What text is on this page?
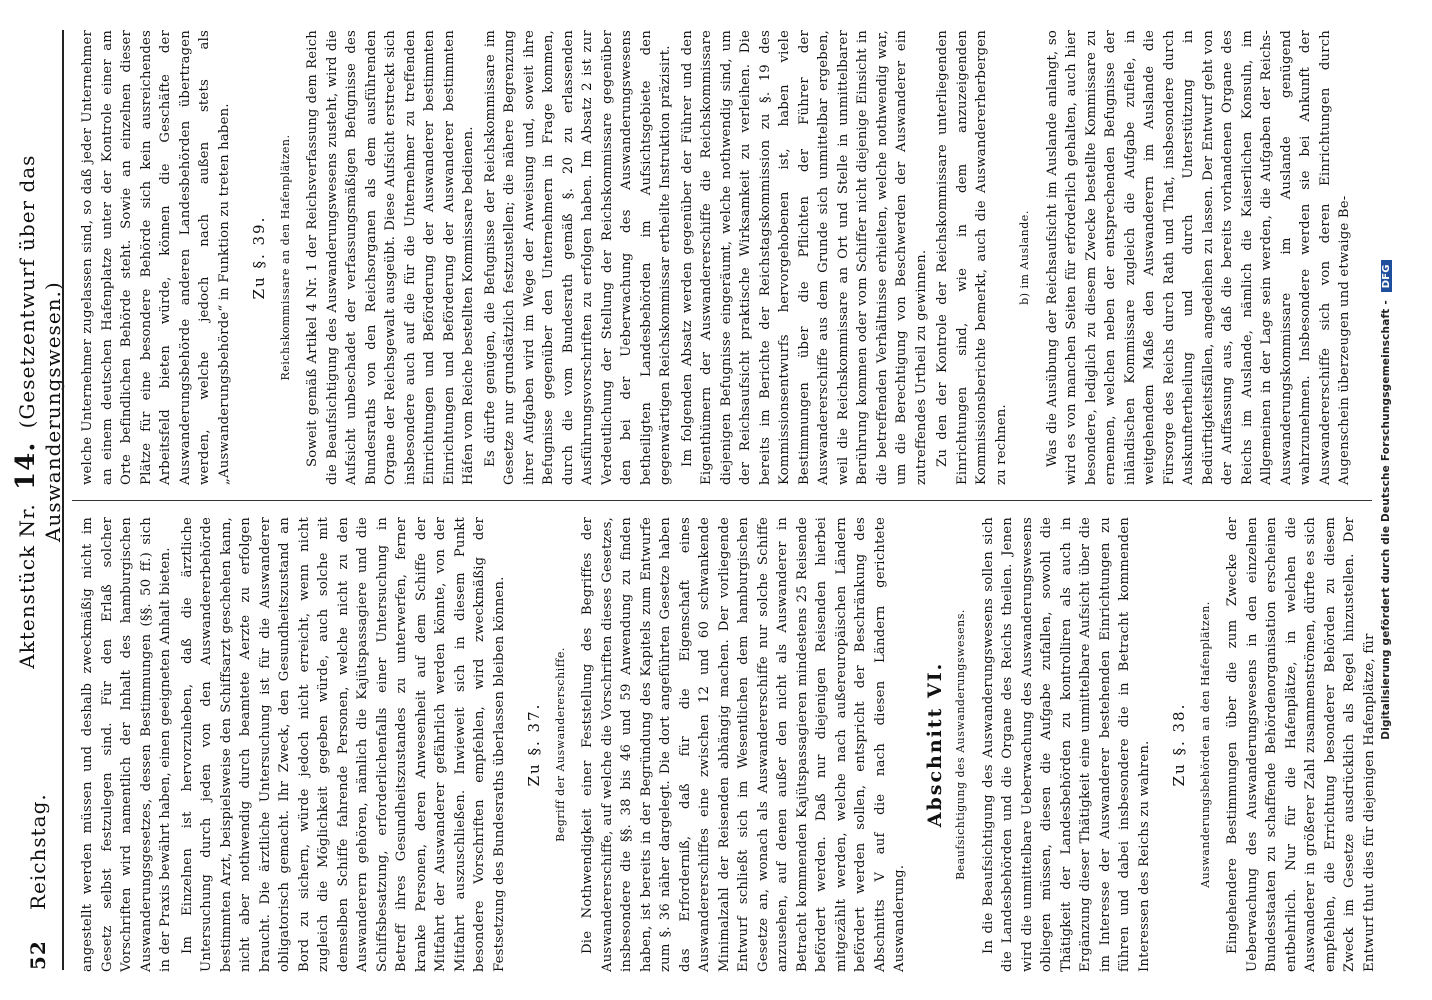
52
Reichstag.
Aktenstück Nr. 14. (Gesetzentwurf über das Auswanderungswesen.)

angestellt werden müssen und deshalb zweckmäßig nicht im Gesetz selbst festzulegen sind. Für den Erlaß solcher Vorschriften wird namentlich der Inhalt des hamburgischen Auswanderungsgesetzes, dessen Bestimmungen (§§. 50 ff.) sich in der Praxis bewährt haben, einen geeigneten Anhalt bieten. Im Einzelnen ist hervorzuheben, daß die ärztliche Untersuchung durch jeden von den Auswandererbehörde bestimmten Arzt, beispielsweise den Schiffsarzt geschehen kann, nicht aber nothwendig durch beamtete Aerzte zu erfolgen braucht. Die ärztliche Untersuchung ist für die Auswanderer obligatorisch gemacht. Ihr Zweck, den Gesundheitszustand an Bord zu sichern, würde jedoch nicht erreicht, wenn nicht zugleich die Möglichkeit gegeben würde, auch solche mit demselben Schiffe fahrende Personen, welche nicht zu den Auswanderern gehören, nämlich die Kajütspassagiere und die Schiffsbesatzung, erforderlichenfalls einer Untersuchung in Betreff ihres Gesundheitszustandes zu unterwerfen, ferner kranke Personen, deren Anwesenheit auf dem Schiffe der Mitfahrt der Auswanderer gefährlich werden könnte, von der Mitfahrt auszuschließen. Inwieweit sich in diesem Punkt besondere Vorschriften empfehlen, wird zweckmäßig der Festsetzung des Bundesraths überlassen bleiben können. Zu §. 37. Begriff der Auswandererschiffe. Die Nothwendigkeit einer Feststellung des Begriffes der Auswandererschiffe, auf welche die Vorschriften dieses Gesetzes, insbesondere die §§. 38 bis 46 und 59 Anwendung zu finden haben, ist bereits in der Begründung des Kapitels zum Entwurfe zum §. 36 näher dargelegt. Die dort angeführten Gesetze haben das Erforderniß, daß für die Eigenschaft eines Auswandererschiffes eine zwischen 12 und 60 schwankende Minimalzahl der Reisenden abhängig machen. Der vorliegende Entwurf schließt sich im Wesentlichen dem hamburgischen Gesetze an, wonach als Auswandererschiffe nur solche Schiffe anzusehen, auf denen außer den nicht als Auswanderer in Betracht kommenden Kajütspassagieren mindestens 25 Reisende befördert werden. Daß nur diejenigen Reisenden hierbei mitgezählt werden, welche nach außereuropäischen Ländern befördert werden sollen, entspricht der Beschränkung des Abschnitts V auf die nach diesen Ländern gerichtete Auswanderung.

Abschnitt VI. Beaufsichtigung des Auswanderungswesens. In die Beaufsichtigung des Auswanderungswesens sollen sich die Landesbehörden und die Organe des Reichs theilen. Jenen wird die unmittelbare Ueberwachung des Auswanderungswesens obliegen müssen, diesen die Aufgabe zufallen, sowohl die Thätigkeit der Landesbehörden zu kontrolliren als auch in Ergänzung dieser Thätigkeit eine unmittelbare Aufsicht über die im Interesse der Auswanderer bestehenden Einrichtungen zu führen und dabei insbesondere die in Betracht kommenden Interessen des Reichs zu wahren. Zu §. 38. Auswanderungsbehörden an den Hafenplätzen. Eingehendere Bestimmungen über die zum Zwecke der Ueberwachung des Auswanderungswesens in den einzelnen Bundesstaaten zu schaffende Behördenorganisation erscheinen entbehrlich. Nur für die Hafenplätze, in welchen die Auswanderer in größerer Zahl zusammenströmen, dürfte es sich empfehlen, die Errichtung besonderer Behörden zu diesem Zweck im Gesetze ausdrücklich als Regel hinzustellen. Der Entwurf thut dies für diejenigen Hafenplätze, für

welche Unternehmer zugelassen sind, so daß jeder Unternehmer an einem deutschen Hafenplatze unter der Kontrole einer am Orte befindlichen Behörde steht. Sowie an einzelnen dieser Plätze für eine besondere Behörde sich kein ausreichendes Arbeitsfeld bieten würde, können die Geschäfte der Auswanderungsbehörde anderen Landesbehörden übertragen werden, welche jedoch nach außen stets als „Auswanderungsbehörde“ in Funktion zu treten haben. Zu §. 39. Reichskommissare an den Hafenplätzen. Soweit gemäß Artikel 4 Nr. 1 der Reichsverfassung dem Reich die Beaufsichtigung des Auswanderungswesens zusteht, wird die Aufsicht unbeschadet der verfassungsmäßigen Befugnisse des Bundesraths von den Reichsorganen als dem ausführenden Organe der Reichsgewalt ausgeübt. Diese Aufsicht erstreckt sich insbesondere auch auf die für die Unternehmer zu treffenden Einrichtungen und Beförderung der Auswanderer bestimmten Einrichtungen und Beförderung der Auswanderer bestimmten Häfen vom Reiche bestellten Kommissare bedienen. Es dürfte genügen, die Befugnisse der Reichskommissare im Gesetze nur grundsätzlich festzustellen; die nähere Begrenzung ihrer Aufgaben wird im Wege der Anweisung und, soweit ihre Befugnisse gegenüber den Unternehmern in Frage kommen, durch die vom Bundesrath gemäß §. 20 zu erlassenden Ausführungsvorschriften zu erfolgen haben. Im Absatz 2 ist zur Verdeutlichung der Stellung der Reichskommissare gegenüber den bei der Ueberwachung des Auswanderungswesens betheiligten Landesbehörden im Aufsichtsgebiete den gegenwärtigen Reichskommissar ertheilte Instruktion präzisirt. Im folgenden Absatz werden gegenüber der Führer und den Eigenthümern der Auswandererschiffe die Reichskommissare diejenigen Befugnisse eingeräumt, welche nothwendig sind, um der Reichsaufsicht praktische Wirksamkeit zu verleihen. Die bereits im Berichte der Reichstagskommission zu §. 19 des Kommissionsentwurfs hervorgehobenen ist, haben viele Bestimmungen über die Pflichten der Führer der Auswandererschiffe aus dem Grunde sich unmittelbar ergeben, weil die Reichskommissare an Ort und Stelle in unmittelbarer Berührung kommen oder vom Schiffer nicht diejenige Einsicht in die betreffenden Verhältnisse erhielten, welche nothwendig war, um die Berechtigung von Beschwerden der Auswanderer ein zutreffendes Urtheil zu gewinnen. Zu den der Kontrole der Reichskommissare unterliegenden Einrichtungen sind, wie in dem anzuzeigenden Kommissionsberichte bemerkt, auch die Auswandererherbergen zu rechnen.

b) im Auslande. Was die Ausübung der Reichsaufsicht im Auslande anlangt, so wird es von manchen Seiten für erforderlich gehalten, auch hier besondere, lediglich zu diesem Zwecke bestellte Kommissare zu ernennen, welchen neben der entsprechenden Befugnisse der inländischen Kommissare zugleich die Aufgabe zufiele, in weitgehendem Maße den Auswanderern im Auslande die Fürsorge des Reichs durch Rath und That, insbesondere durch Auskunftertheilung und durch Unterstützung in Bedürftigkeitsfällen, angedeihen zu lassen. Der Entwurf geht von der Auffassung aus, daß die bereits vorhandenen Organe des Reichs im Auslande, nämlich die Kaiserlichen Konsuln, im Allgemeinen in der Lage sein werden, die Aufgaben der Reichs-Auswanderungskommissare im Auslande genügend wahrzunehmen. Insbesondere werden sie bei Ankunft der Auswandererschiffe sich von deren Einrichtungen durch Augenschein überzeugen und etwaige Be-	Digitalisierung gefördert durch die Deutsche Forschungsgemeinschaft - DFG
